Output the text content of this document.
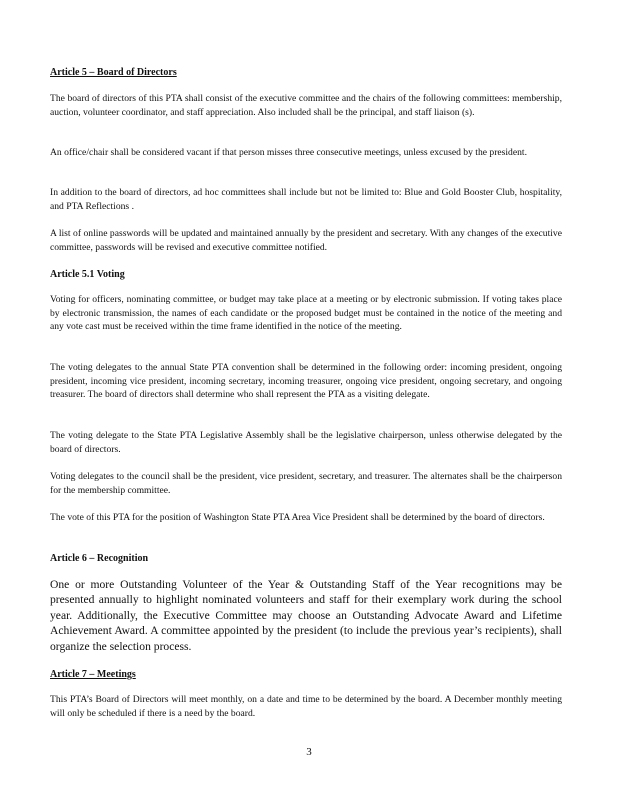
Article 5 – Board of Directors

The board of directors of this PTA shall consist of the executive committee and the chairs of the following committees: membership, auction, volunteer coordinator, and staff appreciation. Also included shall be the principal, and staff liaison (s).

An office/chair shall be considered vacant if that person misses three consecutive meetings, unless excused by the president.

In addition to the board of directors, ad hoc committees shall include but not be limited to: Blue and Gold Booster Club, hospitality, and PTA Reflections .

A list of online passwords will be updated and maintained annually by the president and secretary. With any changes of the executive committee, passwords will be revised and executive committee notified.

Article 5.1 Voting

Voting for officers, nominating committee, or budget may take place at a meeting or by electronic submission. If voting takes place by electronic transmission, the names of each candidate or the proposed budget must be contained in the notice of the meeting and any vote cast must be received within the time frame identified in the notice of the meeting.

The voting delegates to the annual State PTA convention shall be determined in the following order: incoming president, ongoing president, incoming vice president, incoming secretary, incoming treasurer, ongoing vice president, ongoing secretary, and ongoing treasurer. The board of directors shall determine who shall represent the PTA as a visiting delegate.

The voting delegate to the State PTA Legislative Assembly shall be the legislative chairperson, unless otherwise delegated by the board of directors.

Voting delegates to the council shall be the president, vice president, secretary, and treasurer. The alternates shall be the chairperson for the membership committee.

The vote of this PTA for the position of Washington State PTA Area Vice President shall be determined by the board of directors.

Article 6 – Recognition

One or more Outstanding Volunteer of the Year & Outstanding Staff of the Year recognitions may be presented annually to highlight nominated volunteers and staff for their exemplary work during the school year. Additionally, the Executive Committee may choose an Outstanding Advocate Award and Lifetime Achievement Award. A committee appointed by the president (to include the previous year’s recipients), shall organize the selection process.

Article 7 – Meetings

This PTA’s Board of Directors will meet monthly, on a date and time to be determined by the board. A December monthly meeting will only be scheduled if there is a need by the board.

3
